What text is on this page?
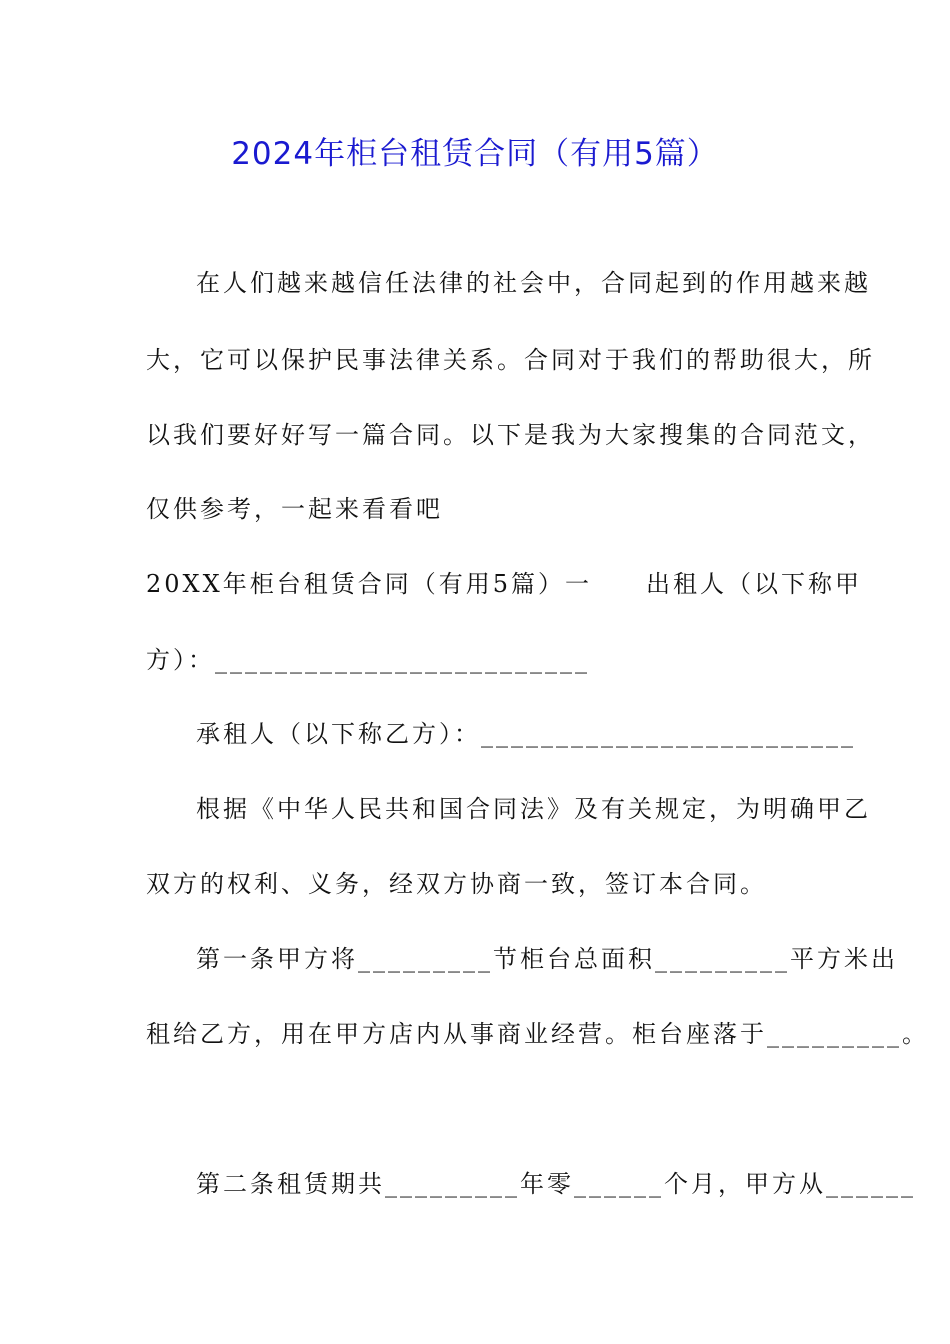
2024年柜台租赁合同（有用5篇）
在人们越来越信任法律的社会中，合同起到的作用越来越
大，它可以保护民事法律关系。合同对于我们的帮助很大，所
以我们要好好写一篇合同。以下是我为大家搜集的合同范文，
仅供参考，一起来看看吧
20XX年柜台租赁合同（有用5篇）一　　出租人（以下称甲
方）：_________________________
承租人（以下称乙方）：_________________________
根据《中华人民共和国合同法》及有关规定，为明确甲乙
双方的权利、义务，经双方协商一致，签订本合同。
第一条甲方将_________节柜台总面积_________平方米出
租给乙方，用在甲方店内从事商业经营。柜台座落于_________。
第二条租赁期共_________年零______个月，甲方从______
